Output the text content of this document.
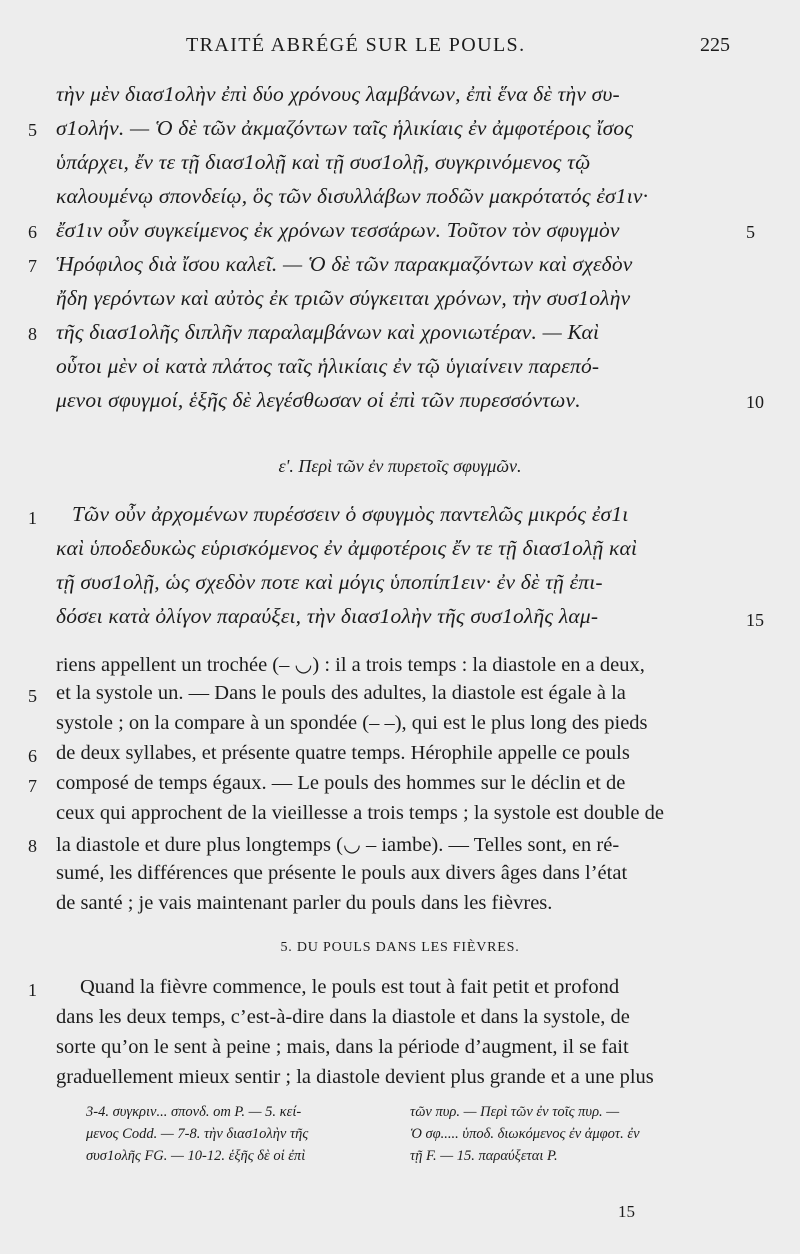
TRAITÉ ABRÉGÉ SUR LE POULS.	225
τὴν μὲν διασ1ολὴν ἐπὶ δύο χρόνους λαμβάνων, ἐπὶ ἕνα δὲ τὴν συ-
σ1ολήν. — Ὁ δὲ τῶν ἀκμαζόντων ταῖς ἡλικίαις ἐν ἀμφοτέροις ἴσος
ὑπάρχει, ἔν τε τῇ διασ1ολῇ καὶ τῇ συσ1ολῇ, συγκρινόμενος τῷ
καλουμένῳ σπονδείῳ, ὃς τῶν δισυλλάβων ποδῶν μακρότατός ἐσ1ιν·
ἔσ1ιν οὖν συγκείμενος ἐκ χρόνων τεσσάρων. Τοῦτον τὸν σφυγμὸν
Ἡρόφιλος διὰ ἴσου καλεῖ. — Ὁ δὲ τῶν παρακμαζόντων καὶ σχεδὸν
ἤδη γερόντων καὶ αὐτὸς ἐκ τριῶν σύγκειται χρόνων, τὴν συσ1ολὴν
τῆς διασ1ολῆς διπλῆν παραλαμβάνων καὶ χρονιωτέραν. — Καὶ
οὗτοι μὲν οἱ κατὰ πλάτος ταῖς ἡλικίαις ἐν τῷ ὑγιαίνειν παρεπό-
μενοι σφυγμοί, ἑξῆς δὲ λεγέσθωσαν οἱ ἐπὶ τῶν πυρεσσόντων.
5
6
7
8
5
10
ε'. Περὶ τῶν ἐν πυρετοῖς σφυγμῶν.
Τῶν οὖν ἀρχομένων πυρέσσειν ὁ σφυγμὸς παντελῶς μικρός ἐσ1ι
καὶ ὑποδεδυκὼς εὑρισκόμενος ἐν ἀμφοτέροις ἔν τε τῇ διασ1ολῇ καὶ
τῇ συσ1ολῇ, ὡς σχεδὸν ποτε καὶ μόγις ὑποπίπ1ειν· ἐν δὲ τῇ ἐπι-
δόσει κατὰ ὀλίγον παραύξει, τὴν διασ1ολὴν τῆς συσ1ολῆς λαμ-
1
15
riens appellent un trochée (– ◡) : il a trois temps : la diastole en a deux,
et la systole un. — Dans le pouls des adultes, la diastole est égale à la
systole ; on la compare à un spondée (– –), qui est le plus long des pieds
de deux syllabes, et présente quatre temps. Hérophile appelle ce pouls
composé de temps égaux. — Le pouls des hommes sur le déclin et de
ceux qui approchent de la vieillesse a trois temps ; la systole est double de
la diastole et dure plus longtemps (◡ – iambe). — Telles sont, en ré-
sumé, les différences que présente le pouls aux divers âges dans l’état
de santé ; je vais maintenant parler du pouls dans les fièvres.
5
6
7
8
5. DU POULS DANS LES FIÈVRES.
Quand la fièvre commence, le pouls est tout à fait petit et profond
dans les deux temps, c’est-à-dire dans la diastole et dans la systole, de
sorte qu’on le sent à peine ; mais, dans la période d’augment, il se fait
graduellement mieux sentir ; la diastole devient plus grande et a une plus
1
3-4. συγκριν... σπονδ. om P. — 5. κεί-
μενος Codd. — 7-8. τὴν διασ1ολὴν τῆς
συσ1ολῆς FG. — 10-12. ἑξῆς δὲ οἱ ἐπὶ
τῶν πυρ. — Περὶ τῶν ἐν τοῖς πυρ. —
Ὁ σφ..... ὑποδ. διωκόμενος ἐν ἀμφοτ. ἐν
τῇ F. — 15. παραύξεται P.
15
